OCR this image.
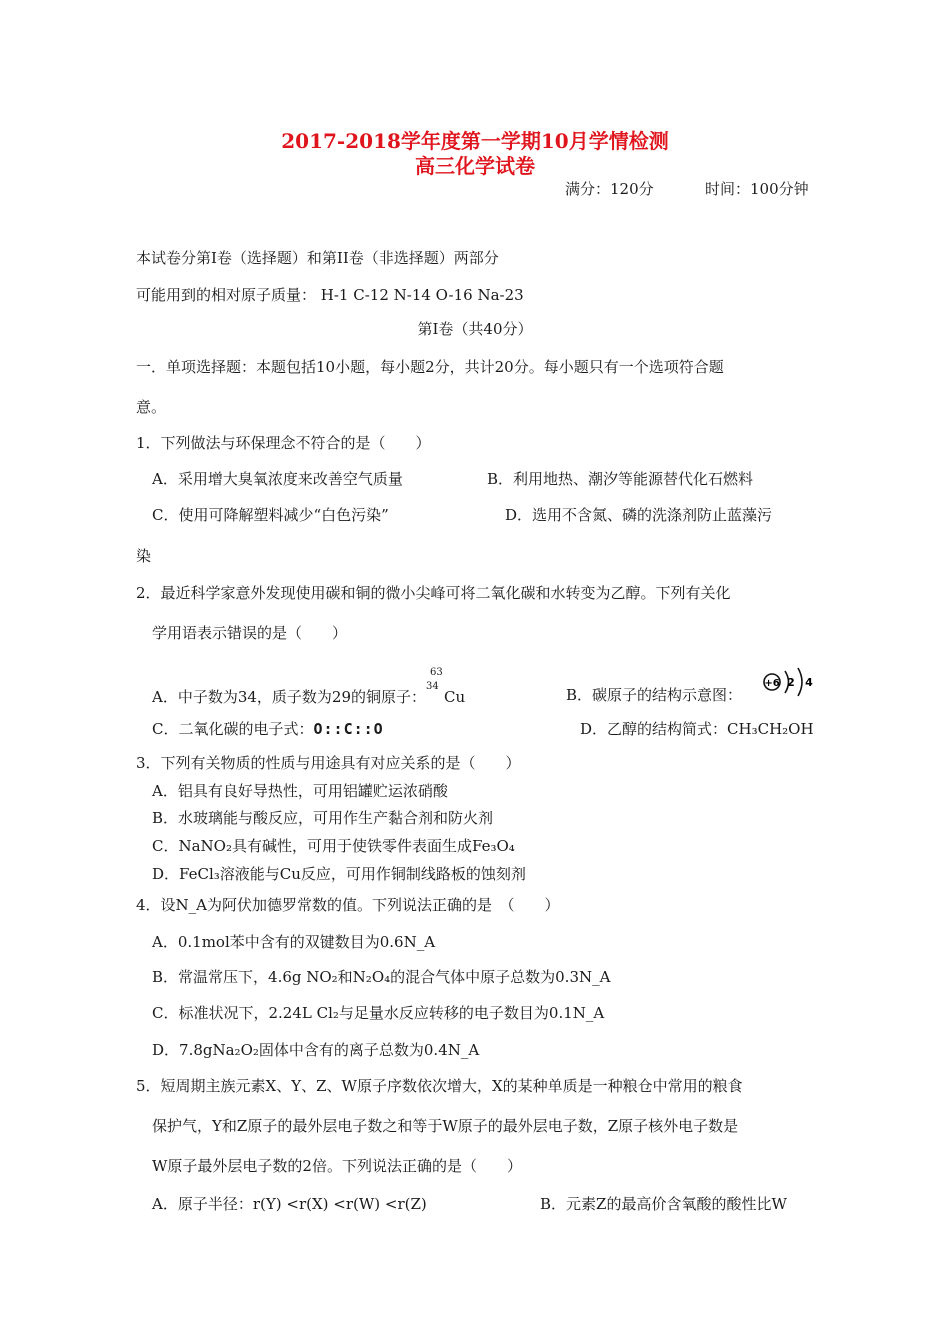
2017-2018学年度第一学期10月学情检测
高三化学试卷
满分：120分	时间：100分钟
本试卷分第I卷（选择题）和第II卷（非选择题）两部分
可能用到的相对原子质量： H-1 C-12 N-14 O-16 Na-23
第I卷（共40分）
一．单项选择题：本题包括10小题，每小题2分，共计20分。每小题只有一个选项符合题
意。
1．下列做法与环保理念不符合的是（　　）
A．采用增大臭氧浓度来改善空气质量	B．利用地热、潮汐等能源替代化石燃料
C．使用可降解塑料减少“白色污染”	D．选用不含氮、磷的洗涤剂防止蓝藻污
染
2．最近科学家意外发现使用碳和铜的微小尖峰可将二氧化碳和水转变为乙醇。下列有关化
学用语表示错误的是（　　）
A．中子数为34，质子数为29的铜原子：
63
34
Cu	B．碳原子的结构示意图：
+6 2 4
C．二氧化碳的电子式：O::C::O	D．乙醇的结构简式：CH₃CH₂OH
3．下列有关物质的性质与用途具有对应关系的是（　　）
A．铝具有良好导热性，可用铝罐贮运浓硝酸
B．水玻璃能与酸反应，可用作生产黏合剂和防火剂
C．NaNO₂具有碱性，可用于使铁零件表面生成Fe₃O₄
D．FeCl₃溶液能与Cu反应，可用作铜制线路板的蚀刻剂
4．设N_A为阿伏加德罗常数的值。下列说法正确的是　（　　）
A．0.1mol苯中含有的双键数目为0.6N_A
B．常温常压下，4.6g NO₂和N₂O₄的混合气体中原子总数为0.3N_A
C．标准状况下，2.24L Cl₂与足量水反应转移的电子数目为0.1N_A
D．7.8gNa₂O₂固体中含有的离子总数为0.4N_A
5．短周期主族元素X、Y、Z、W原子序数依次增大，X的某种单质是一种粮仓中常用的粮食
保护气，Y和Z原子的最外层电子数之和等于W原子的最外层电子数，Z原子核外电子数是
W原子最外层电子数的2倍。下列说法正确的是（　　）
A．原子半径：r(Y) <r(X) <r(W) <r(Z)	B．元素Z的最高价含氧酸的酸性比W
